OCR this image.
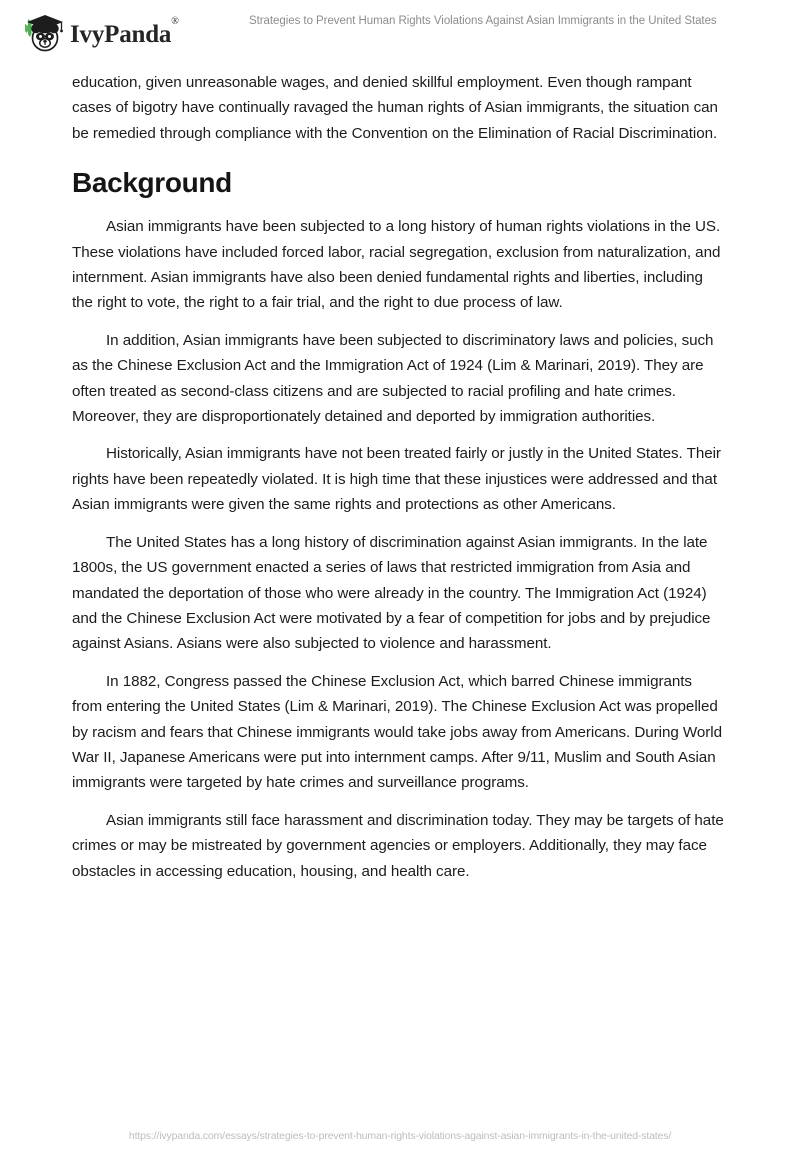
IvyPanda®	Strategies to Prevent Human Rights Violations Against Asian Immigrants in the United States

education, given unreasonable wages, and denied skillful employment. Even though rampant cases of bigotry have continually ravaged the human rights of Asian immigrants, the situation can be remedied through compliance with the Convention on the Elimination of Racial Discrimination.

Background

Asian immigrants have been subjected to a long history of human rights violations in the US. These violations have included forced labor, racial segregation, exclusion from naturalization, and internment. Asian immigrants have also been denied fundamental rights and liberties, including the right to vote, the right to a fair trial, and the right to due process of law.

In addition, Asian immigrants have been subjected to discriminatory laws and policies, such as the Chinese Exclusion Act and the Immigration Act of 1924 (Lim & Marinari, 2019). They are often treated as second-class citizens and are subjected to racial profiling and hate crimes. Moreover, they are disproportionately detained and deported by immigration authorities.

Historically, Asian immigrants have not been treated fairly or justly in the United States. Their rights have been repeatedly violated. It is high time that these injustices were addressed and that Asian immigrants were given the same rights and protections as other Americans.

The United States has a long history of discrimination against Asian immigrants. In the late 1800s, the US government enacted a series of laws that restricted immigration from Asia and mandated the deportation of those who were already in the country. The Immigration Act (1924) and the Chinese Exclusion Act were motivated by a fear of competition for jobs and by prejudice against Asians. Asians were also subjected to violence and harassment.

In 1882, Congress passed the Chinese Exclusion Act, which barred Chinese immigrants from entering the United States (Lim & Marinari, 2019). The Chinese Exclusion Act was propelled by racism and fears that Chinese immigrants would take jobs away from Americans. During World War II, Japanese Americans were put into internment camps. After 9/11, Muslim and South Asian immigrants were targeted by hate crimes and surveillance programs.

Asian immigrants still face harassment and discrimination today. They may be targets of hate crimes or may be mistreated by government agencies or employers. Additionally, they may face obstacles in accessing education, housing, and health care.

https://ivypanda.com/essays/strategies-to-prevent-human-rights-violations-against-asian-immigrants-in-the-united-states/
